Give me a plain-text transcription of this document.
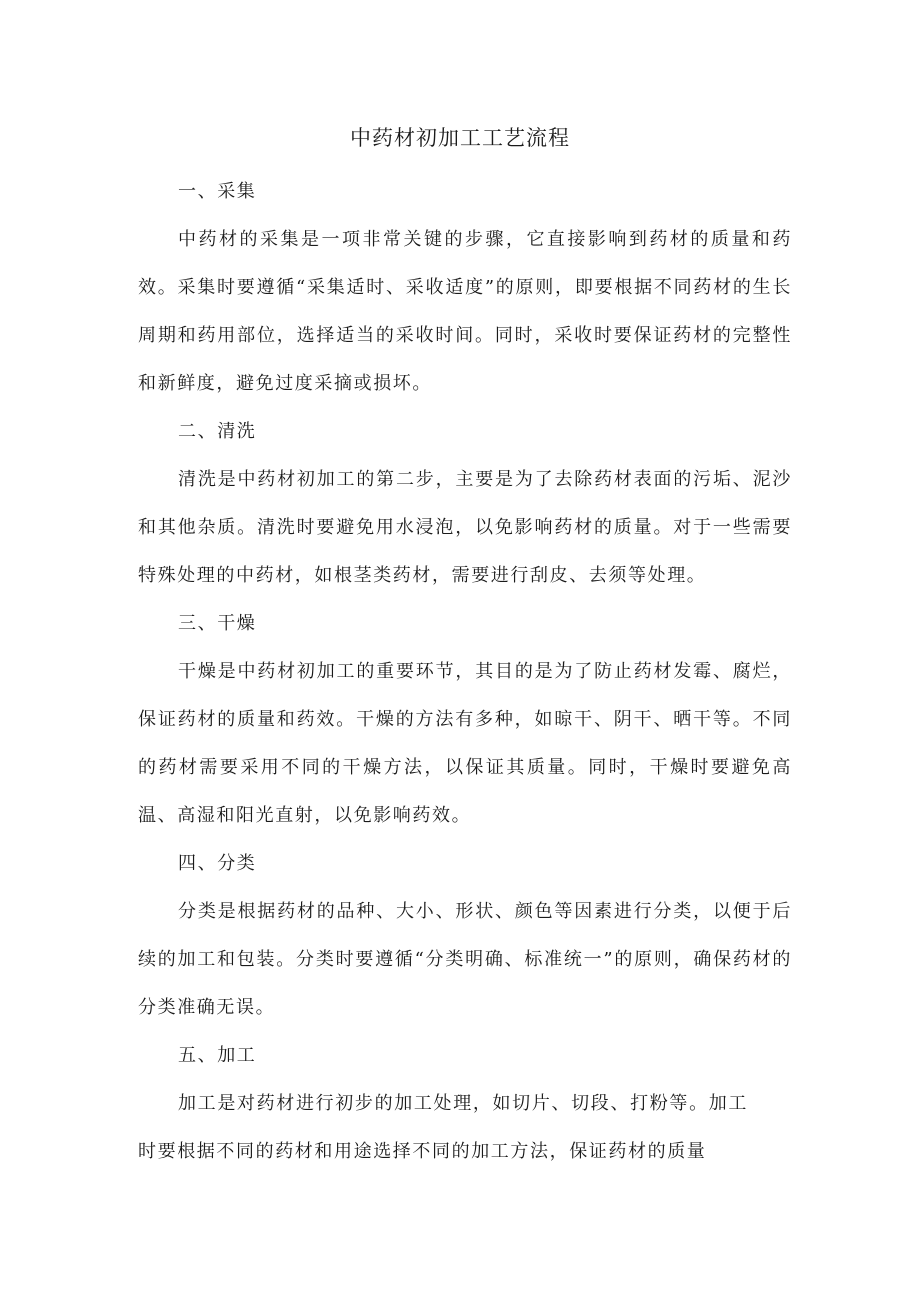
中药材初加工工艺流程

一、采集

中药材的采集是一项非常关键的步骤，它直接影响到药材的质量和药效。采集时要遵循“采集适时、采收适度”的原则，即要根据不同药材的生长周期和药用部位，选择适当的采收时间。同时，采收时要保证药材的完整性和新鲜度，避免过度采摘或损坏。

二、清洗

清洗是中药材初加工的第二步，主要是为了去除药材表面的污垢、泥沙和其他杂质。清洗时要避免用水浸泡，以免影响药材的质量。对于一些需要特殊处理的中药材，如根茎类药材，需要进行刮皮、去须等处理。

三、干燥

干燥是中药材初加工的重要环节，其目的是为了防止药材发霉、腐烂，保证药材的质量和药效。干燥的方法有多种，如晾干、阴干、晒干等。不同的药材需要采用不同的干燥方法，以保证其质量。同时，干燥时要避免高温、高湿和阳光直射，以免影响药效。

四、分类

分类是根据药材的品种、大小、形状、颜色等因素进行分类，以便于后续的加工和包装。分类时要遵循“分类明确、标准统一”的原则，确保药材的分类准确无误。

五、加工

加工是对药材进行初步的加工处理，如切片、切段、打粉等。加工时要根据不同的药材和用途选择不同的加工方法，保证药材的质量
